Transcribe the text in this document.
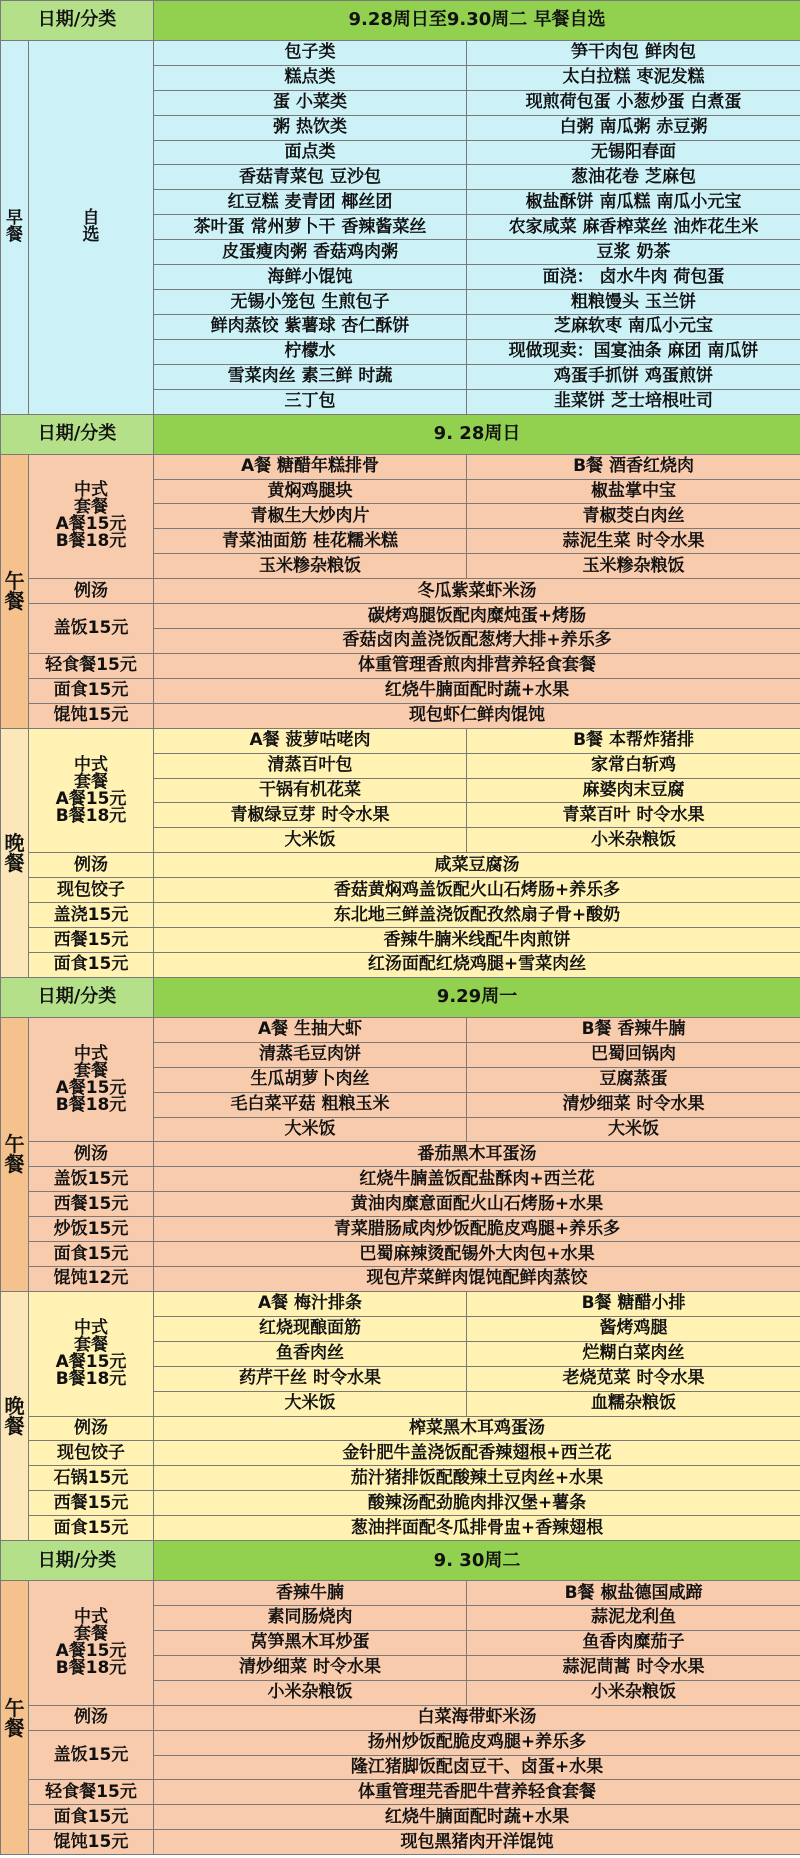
日期/分类		9.28周日至9.30周二 早餐自选	

早
餐	自
选	包子类	笋干肉包 鲜肉包
		糕点类	太白拉糕 枣泥发糕
		蛋 小菜类	现煎荷包蛋 小葱炒蛋 白煮蛋
		粥 热饮类	白粥 南瓜粥 赤豆粥
		面点类	无锡阳春面
		香菇青菜包 豆沙包	葱油花卷 芝麻包
		红豆糕 麦青团 椰丝团	椒盐酥饼 南瓜糕 南瓜小元宝
		茶叶蛋 常州萝卜干 香辣酱菜丝	农家咸菜 麻香榨菜丝 油炸花生米
		皮蛋瘦肉粥 香菇鸡肉粥	豆浆 奶茶
		海鲜小馄饨	面浇： 卤水牛肉 荷包蛋
		无锡小笼包 生煎包子	粗粮馒头 玉兰饼
		鲜肉蒸饺 紫薯球 杏仁酥饼	芝麻软枣 南瓜小元宝
		柠檬水	现做现卖：国宴油条 麻团 南瓜饼
		雪菜肉丝 素三鲜 时蔬	鸡蛋手抓饼 鸡蛋煎饼
		三丁包	韭菜饼 芝士培根吐司
日期/分类		9. 28周日	

午
餐	中式
套餐
A餐15元
B餐18元	A餐 糖醋年糕排骨	B餐 酒香红烧肉
		黄焖鸡腿块	椒盐掌中宝
		青椒生大炒肉片	青椒茭白肉丝
		青菜油面筋 桂花糯米糕	蒜泥生菜 时令水果
		玉米糁杂粮饭	玉米糁杂粮饭
	例汤	冬瓜紫菜虾米汤	
	盖饭15元	碳烤鸡腿饭配肉糜炖蛋+烤肠	
		香菇卤肉盖浇饭配葱烤大排+养乐多	
	轻食餐15元	体重管理香煎肉排营养轻食套餐	
	面食15元	红烧牛腩面配时蔬+水果	
	馄饨15元	现包虾仁鲜肉馄饨	

晚
餐	中式
套餐
A餐15元
B餐18元	A餐 菠萝咕咾肉	B餐 本帮炸猪排
		清蒸百叶包	家常白斩鸡
		干锅有机花菜	麻婆肉末豆腐
		青椒绿豆芽 时令水果	青菜百叶 时令水果
		大米饭	小米杂粮饭
	例汤	咸菜豆腐汤	
	现包饺子	香菇黄焖鸡盖饭配火山石烤肠+养乐多	
	盖浇15元	东北地三鲜盖浇饭配孜然扇子骨+酸奶	
	西餐15元	香辣牛腩米线配牛肉煎饼	
	面食15元	红汤面配红烧鸡腿+雪菜肉丝	
日期/分类		9.29周一	

午
餐	中式
套餐
A餐15元
B餐18元	A餐 生抽大虾	B餐 香辣牛腩
		清蒸毛豆肉饼	巴蜀回锅肉
		生瓜胡萝卜肉丝	豆腐蒸蛋
		毛白菜平菇 粗粮玉米	清炒细菜 时令水果
		大米饭	大米饭
	例汤	番茄黑木耳蛋汤	
	盖饭15元	红烧牛腩盖饭配盐酥肉+西兰花	
	西餐15元	黄油肉糜意面配火山石烤肠+水果	
	炒饭15元	青菜腊肠咸肉炒饭配脆皮鸡腿+养乐多	
	面食15元	巴蜀麻辣烫配锡外大肉包+水果	
	馄饨12元	现包芹菜鲜肉馄饨配鲜肉蒸饺	

晚
餐	中式
套餐
A餐15元
B餐18元	A餐 梅汁排条	B餐 糖醋小排
		红烧现酿面筋	酱烤鸡腿
		鱼香肉丝	烂糊白菜肉丝
		药芹干丝 时令水果	老烧苋菜 时令水果
		大米饭	血糯杂粮饭
	例汤	榨菜黑木耳鸡蛋汤	
	现包饺子	金针肥牛盖浇饭配香辣翅根+西兰花	
	石锅15元	茄汁猪排饭配酸辣土豆肉丝+水果	
	西餐15元	酸辣汤配劲脆肉排汉堡+薯条	
	面食15元	葱油拌面配冬瓜排骨盅+香辣翅根	
日期/分类		9. 30周二	

午
餐	中式
套餐
A餐15元
B餐18元	香辣牛腩	B餐 椒盐德国咸蹄
		素同肠烧肉	蒜泥龙利鱼
		莴笋黑木耳炒蛋	鱼香肉糜茄子
		清炒细菜 时令水果	蒜泥茼蒿 时令水果
		小米杂粮饭	小米杂粮饭
	例汤	白菜海带虾米汤	
	盖饭15元	扬州炒饭配脆皮鸡腿+养乐多	
		隆江猪脚饭配卤豆干、卤蛋+水果	
	轻食餐15元	体重管理芫香肥牛营养轻食套餐	
	面食15元	红烧牛腩面配时蔬+水果	
	馄饨15元	现包黑猪肉开洋馄饨	
